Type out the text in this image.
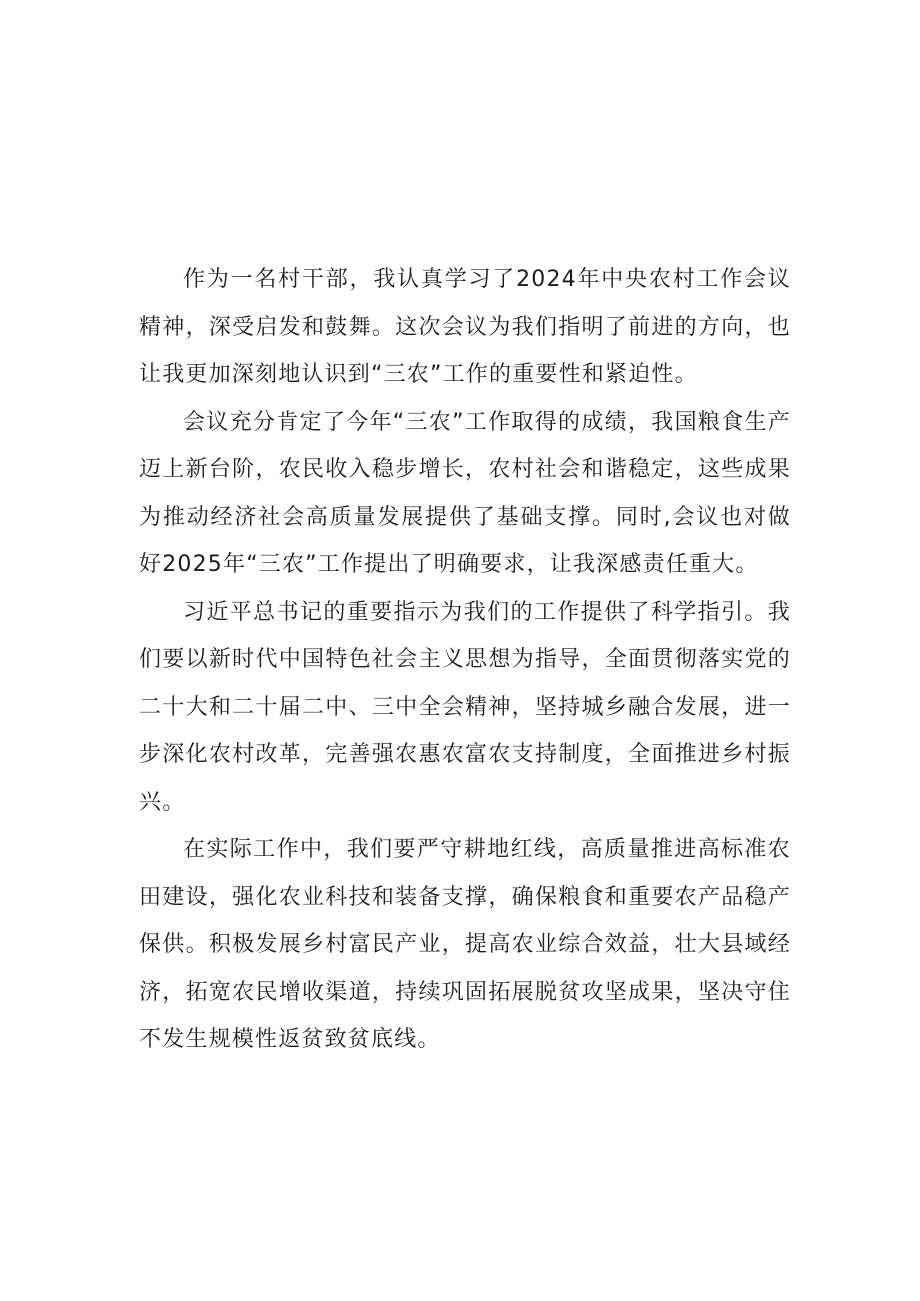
作为一名村干部，我认真学习了2024年中央农村工作会议精神，深受启发和鼓舞。这次会议为我们指明了前进的方向，也让我更加深刻地认识到“三农”工作的重要性和紧迫性。

会议充分肯定了今年“三农”工作取得的成绩，我国粮食生产迈上新台阶，农民收入稳步增长，农村社会和谐稳定，这些成果为推动经济社会高质量发展提供了基础支撑。同时,会议也对做好2025年“三农”工作提出了明确要求，让我深感责任重大。

习近平总书记的重要指示为我们的工作提供了科学指引。我们要以新时代中国特色社会主义思想为指导，全面贯彻落实党的二十大和二十届二中、三中全会精神，坚持城乡融合发展，进一步深化农村改革，完善强农惠农富农支持制度，全面推进乡村振兴。

在实际工作中，我们要严守耕地红线，高质量推进高标准农田建设，强化农业科技和装备支撑，确保粮食和重要农产品稳产保供。积极发展乡村富民产业，提高农业综合效益，壮大县域经济，拓宽农民增收渠道，持续巩固拓展脱贫攻坚成果，坚决守住不发生规模性返贫致贫底线。
